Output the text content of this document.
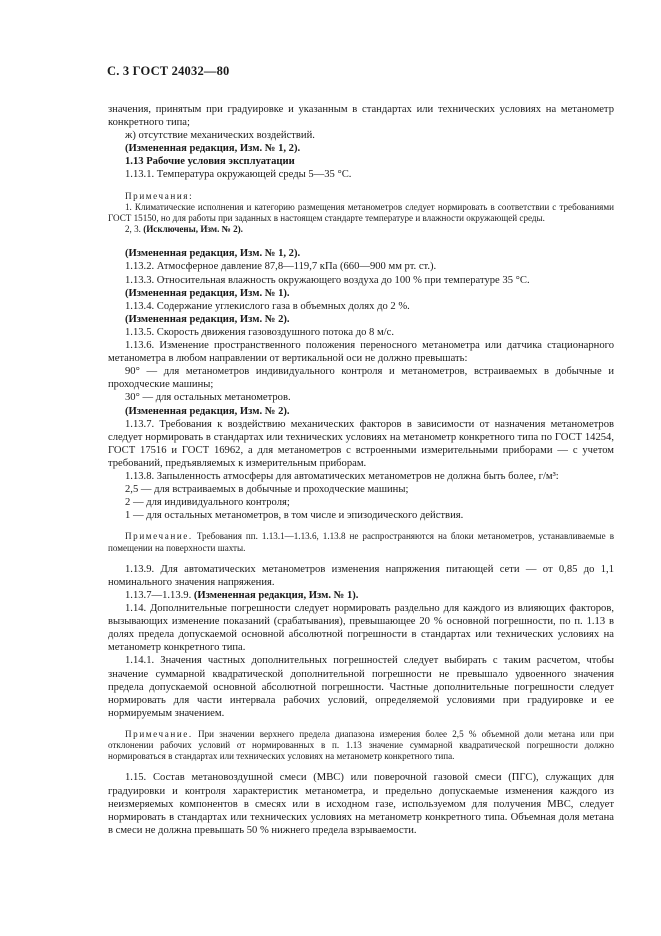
С. 3 ГОСТ 24032—80

значения, принятым при градуировке и указанным в стандартах или технических условиях на метанометр конкретного типа;

ж) отсутствие механических воздействий.

(Измененная редакция, Изм. № 1, 2).

1.13 Рабочие условия эксплуатации

1.13.1. Температура окружающей среды 5—35 °С.

Примечания:

1. Климатические исполнения и категорию размещения метанометров следует нормировать в соответствии с требованиями ГОСТ 15150, но для работы при заданных в настоящем стандарте температуре и влажности окружающей среды.

2, 3. (Исключены, Изм. № 2).

(Измененная редакция, Изм. № 1, 2).

1.13.2. Атмосферное давление 87,8—119,7 кПа (660—900 мм рт. ст.).

1.13.3. Относительная влажность окружающего воздуха до 100 % при температуре 35 °С.

(Измененная редакция, Изм. № 1).

1.13.4. Содержание углекислого газа в объемных долях до 2 %.

(Измененная редакция, Изм. № 2).

1.13.5. Скорость движения газовоздушного потока до 8 м/с.

1.13.6. Изменение пространственного положения переносного метанометра или датчика стационарного метанометра в любом направлении от вертикальной оси не должно превышать:

90° — для метанометров индивидуального контроля и метанометров, встраиваемых в добычные и проходческие машины;

30° — для остальных метанометров.

(Измененная редакция, Изм. № 2).

1.13.7. Требования к воздействию механических факторов в зависимости от назначения метанометров следует нормировать в стандартах или технических условиях на метанометр конкретного типа по ГОСТ 14254, ГОСТ 17516 и ГОСТ 16962, а для метанометров с встроенными измерительными приборами — с учетом требований, предъявляемых к измерительным приборам.

1.13.8. Запыленность атмосферы для автоматических метанометров не должна быть более, г/м³:

2,5 — для встраиваемых в добычные и проходческие машины;

2 — для индивидуального контроля;

1 — для остальных метанометров, в том числе и эпизодического действия.

Примечание. Требования пп. 1.13.1—1.13.6, 1.13.8 не распространяются на блоки метанометров, устанавливаемые в помещении на поверхности шахты.

1.13.9. Для автоматических метанометров изменения напряжения питающей сети — от 0,85 до 1,1 номинального значения напряжения.

1.13.7—1.13.9. (Измененная редакция, Изм. № 1).

1.14. Дополнительные погрешности следует нормировать раздельно для каждого из влияющих факторов, вызывающих изменение показаний (срабатывания), превышающее 20 % основной погрешности, по п. 1.13 в долях предела допускаемой основной абсолютной погрешности в стандартах или технических условиях на метанометр конкретного типа.

1.14.1. Значения частных дополнительных погрешностей следует выбирать с таким расчетом, чтобы значение суммарной квадратической дополнительной погрешности не превышало удвоенного значения предела допускаемой основной абсолютной погрешности. Частные дополнительные погрешности следует нормировать для части интервала рабочих условий, определяемой условиями при градуировке и ее нормируемым значением.

Примечание. При значении верхнего предела диапазона измерения более 2,5 % объемной доли метана или при отклонении рабочих условий от нормированных в п. 1.13 значение суммарной квадратической погрешности должно нормироваться в стандартах или технических условиях на метанометр конкретного типа.

1.15. Состав метановоздушной смеси (МВС) или поверочной газовой смеси (ПГС), служащих для градуировки и контроля характеристик метанометра, и предельно допускаемые изменения каждого из неизмеряемых компонентов в смесях или в исходном газе, используемом для получения МВС, следует нормировать в стандартах или технических условиях на метанометр конкретного типа. Объемная доля метана в смеси не должна превышать 50 % нижнего предела взрываемости.
